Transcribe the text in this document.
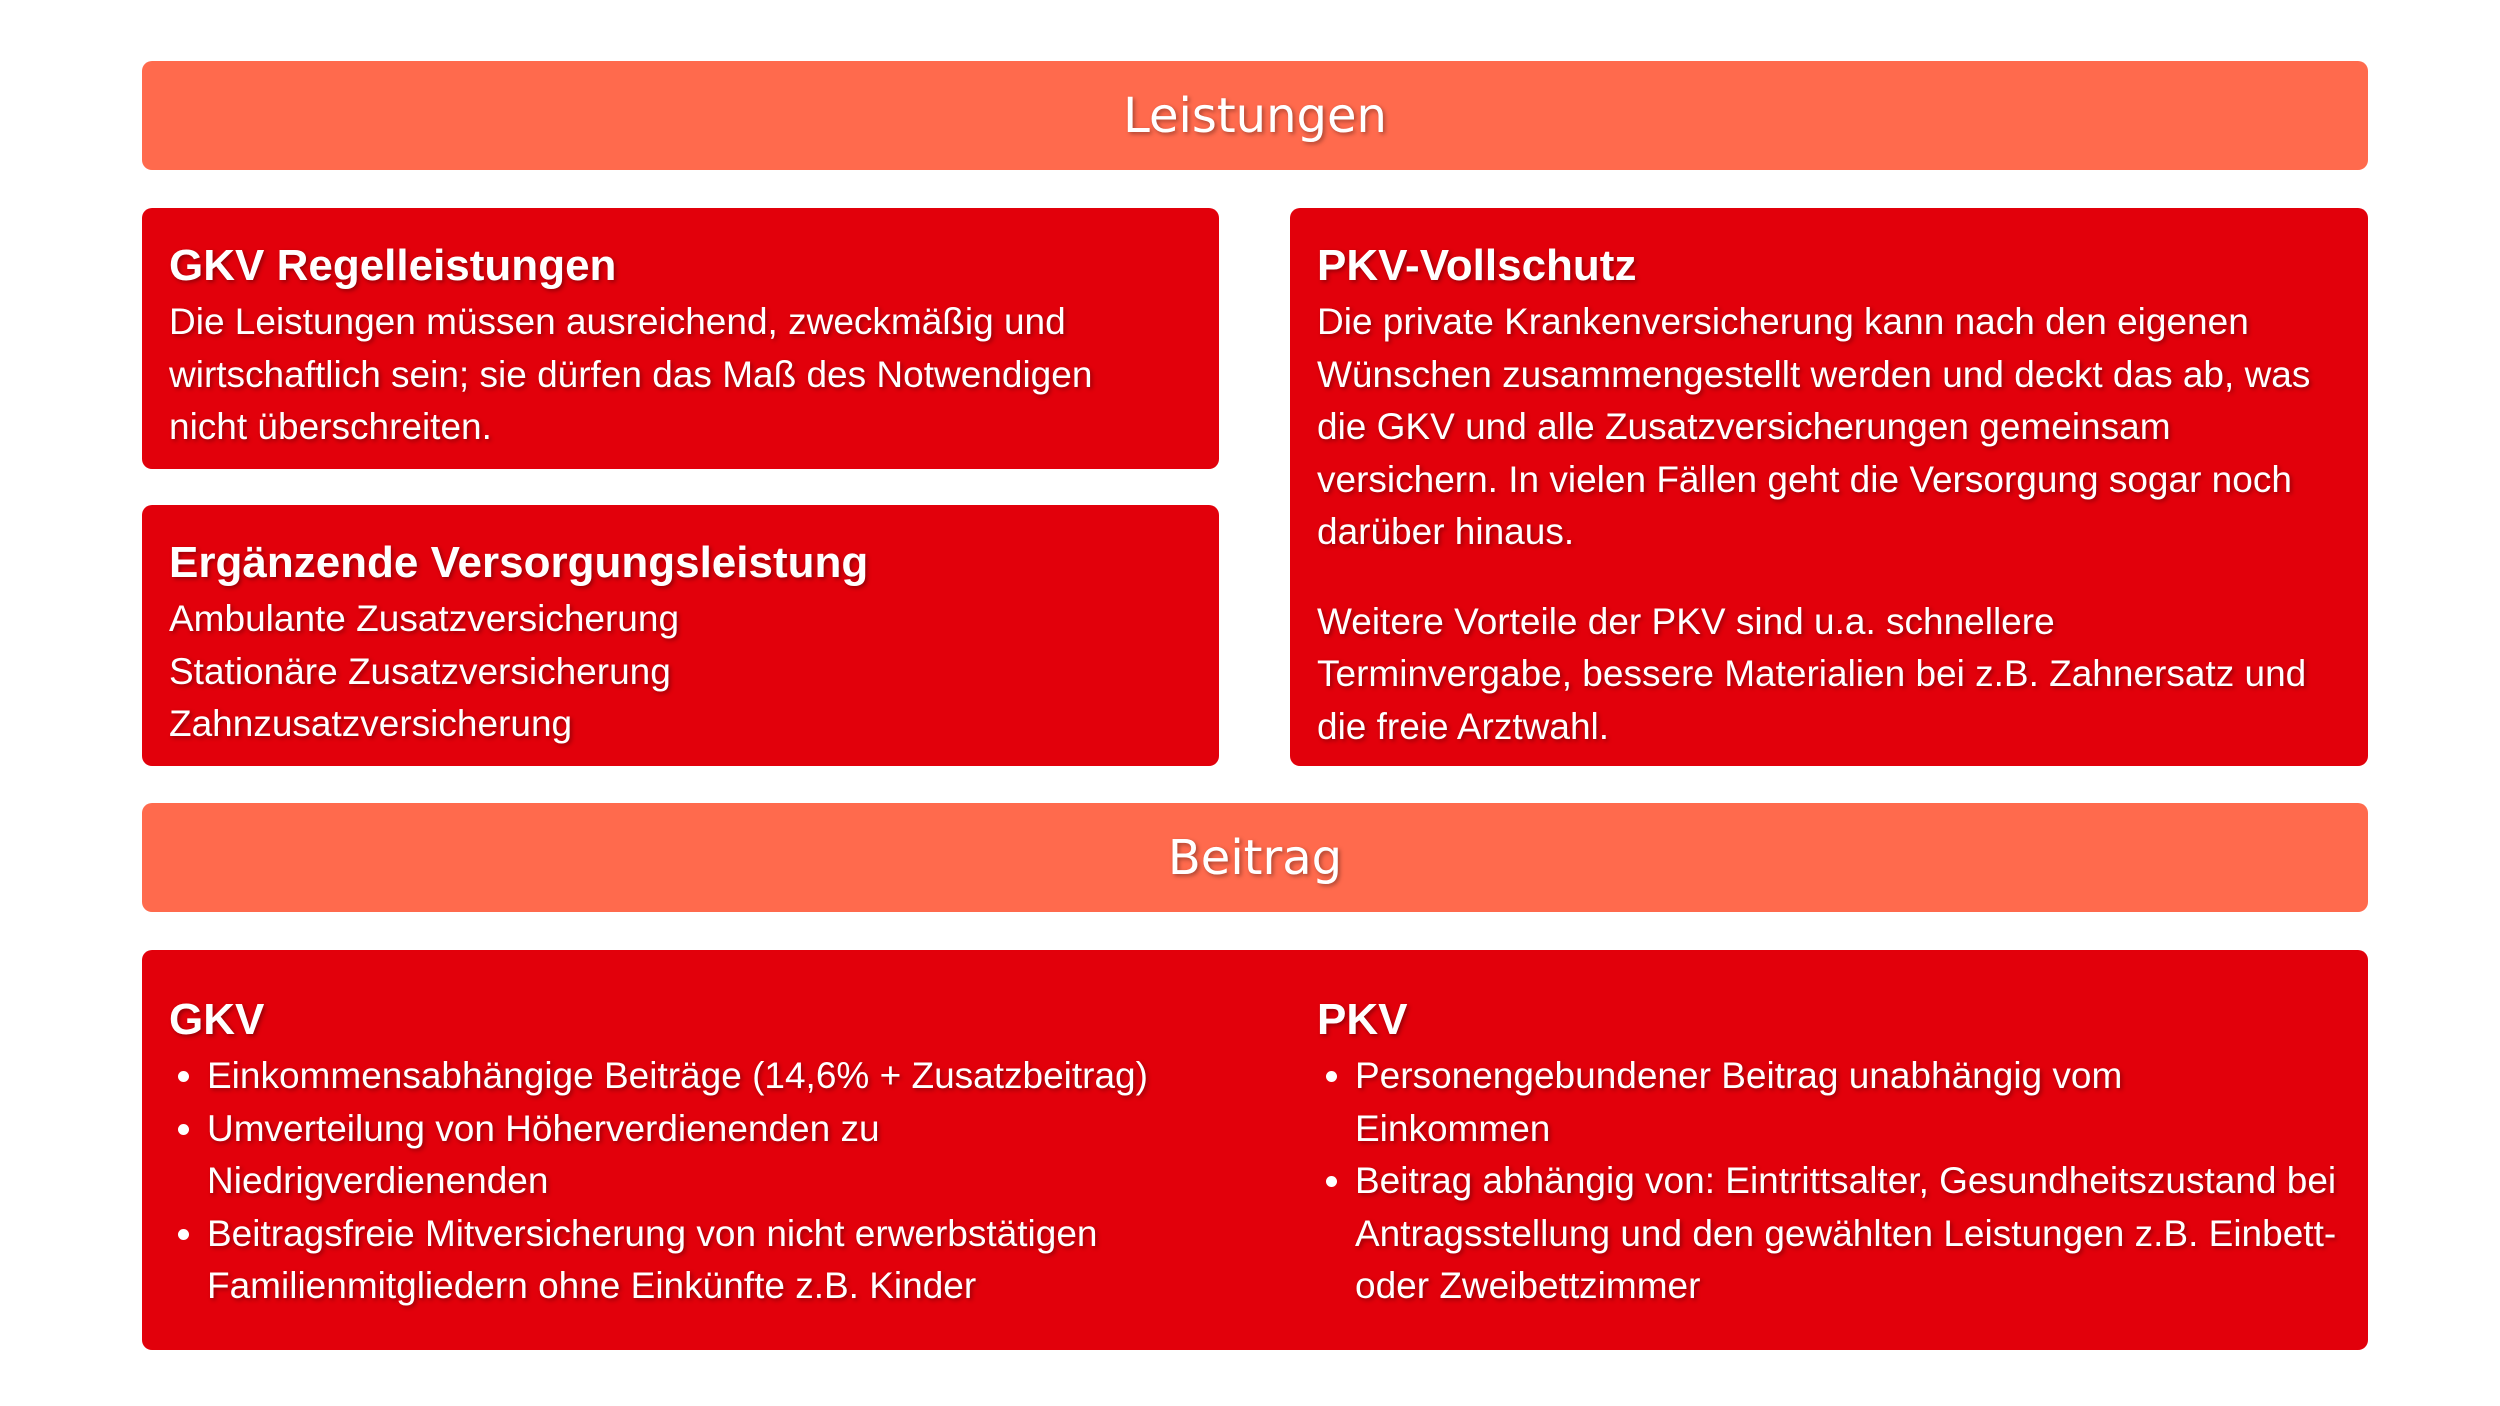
Leistungen
GKV Regelleistungen

Die Leistungen müssen ausreichend, zweckmäßig und wirtschaftlich sein; sie dürfen das Maß des Notwendigen nicht überschreiten.

Ergänzende Versorgungsleistung
Ambulante Zusatzversicherung
Stationäre Zusatzversicherung
Zahnzusatzversicherung
PKV-Vollschutz

Die private Krankenversicherung kann nach den eigenen Wünschen zusammengestellt werden und deckt das ab, was die GKV und alle Zusatzversicherungen gemeinsam versichern. In vielen Fällen geht die Versorgung sogar noch darüber hinaus.

Weitere Vorteile der PKV sind u.a. schnellere Terminvergabe, bessere Materialien bei z.B. Zahnersatz und die freie Arztwahl.

Beitrag
GKV
• Einkommensabhängige Beiträge (14,6% + Zusatzbeitrag)
• Umverteilung von Höherverdienenden zu Niedrigverdienenden
• Beitragsfreie Mitversicherung von nicht erwerbstätigen Familienmitgliedern ohne Einkünfte z.B. Kinder
PKV
• Personengebundener Beitrag unabhängig vom Einkommen
• Beitrag abhängig von: Eintrittsalter, Gesundheitszustand bei Antragsstellung und den gewählten Leistungen z.B. Einbett- oder Zweibettzimmer
